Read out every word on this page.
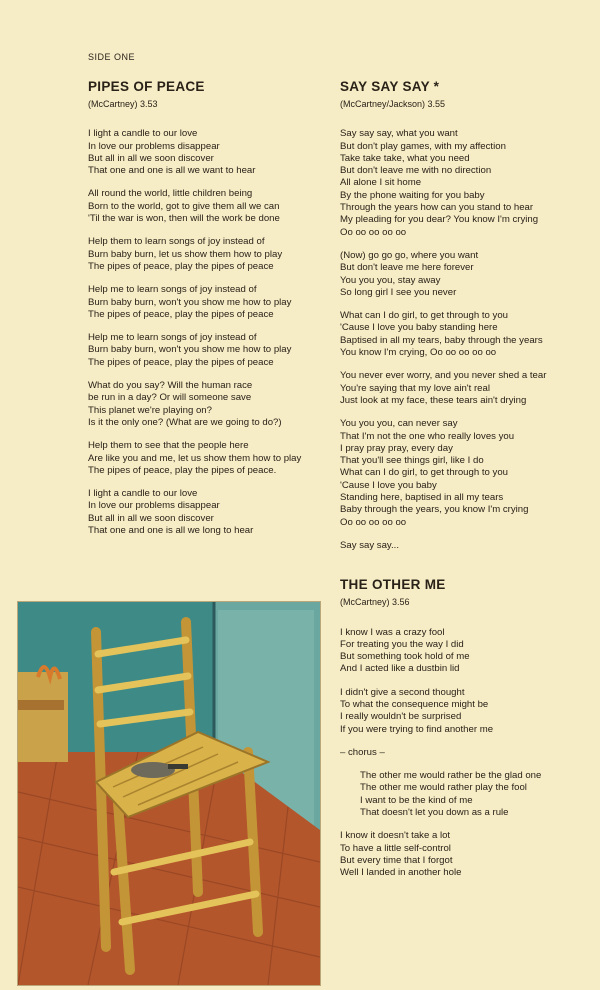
SIDE ONE
PIPES OF PEACE
(McCartney) 3.53
I light a candle to our love
In love our problems disappear
But all in all we soon discover
That one and one is all we want to hear
All round the world, little children being
Born to the world, got to give them all we can
'Til the war is won, then will the work be done
Help them to learn songs of joy instead of
Burn baby burn, let us show them how to play
The pipes of peace, play the pipes of peace
Help me to learn songs of joy instead of
Burn baby burn, won't you show me how to play
The pipes of peace, play the pipes of peace
Help me to learn songs of joy instead of
Burn baby burn, won't you show me how to play
The pipes of peace, play the pipes of peace
What do you say? Will the human race
be run in a day? Or will someone save
This planet we're playing on?
Is it the only one? (What are we going to do?)
Help them to see that the people here
Are like you and me, let us show them how to play
The pipes of peace, play the pipes of peace.
I light a candle to our love
In love our problems disappear
But all in all we soon discover
That one and one is all we long to hear
SAY SAY SAY *
(McCartney/Jackson) 3.55
Say say say, what you want
But don't play games, with my affection
Take take take, what you need
But don't leave me with no direction
All alone I sit home
By the phone waiting for you baby
Through the years how can you stand to hear
My pleading for you dear? You know I'm crying
Oo oo oo oo oo
(Now) go go go, where you want
But don't leave me here forever
You you you, stay away
So long girl I see you never
What can I do girl, to get through to you
'Cause I love you baby standing here
Baptised in all my tears, baby through the years
You know I'm crying, Oo oo oo oo oo
You never ever worry, and you never shed a tear
You're saying that my love ain't real
Just look at my face, these tears ain't drying
You you you, can never say
That I'm not the one who really loves you
I pray pray pray, every day
That you'll see things girl, like I do
What can I do girl, to get through to you
'Cause I love you baby
Standing here, baptised in all my tears
Baby through the years, you know I'm crying
Oo oo oo oo oo
Say say say...
THE OTHER ME
(McCartney) 3.56
I know I was a crazy fool
For treating you the way I did
But something took hold of me
And I acted like a dustbin lid
I didn't give a second thought
To what the consequence might be
I really wouldn't be surprised
If you were trying to find another me
– chorus –
The other me would rather be the glad one
The other me would rather play the fool
I want to be the kind of me
That doesn't let you down as a rule
I know it doesn't take a lot
To have a little self-control
But every time that I forgot
Well I landed in another hole
